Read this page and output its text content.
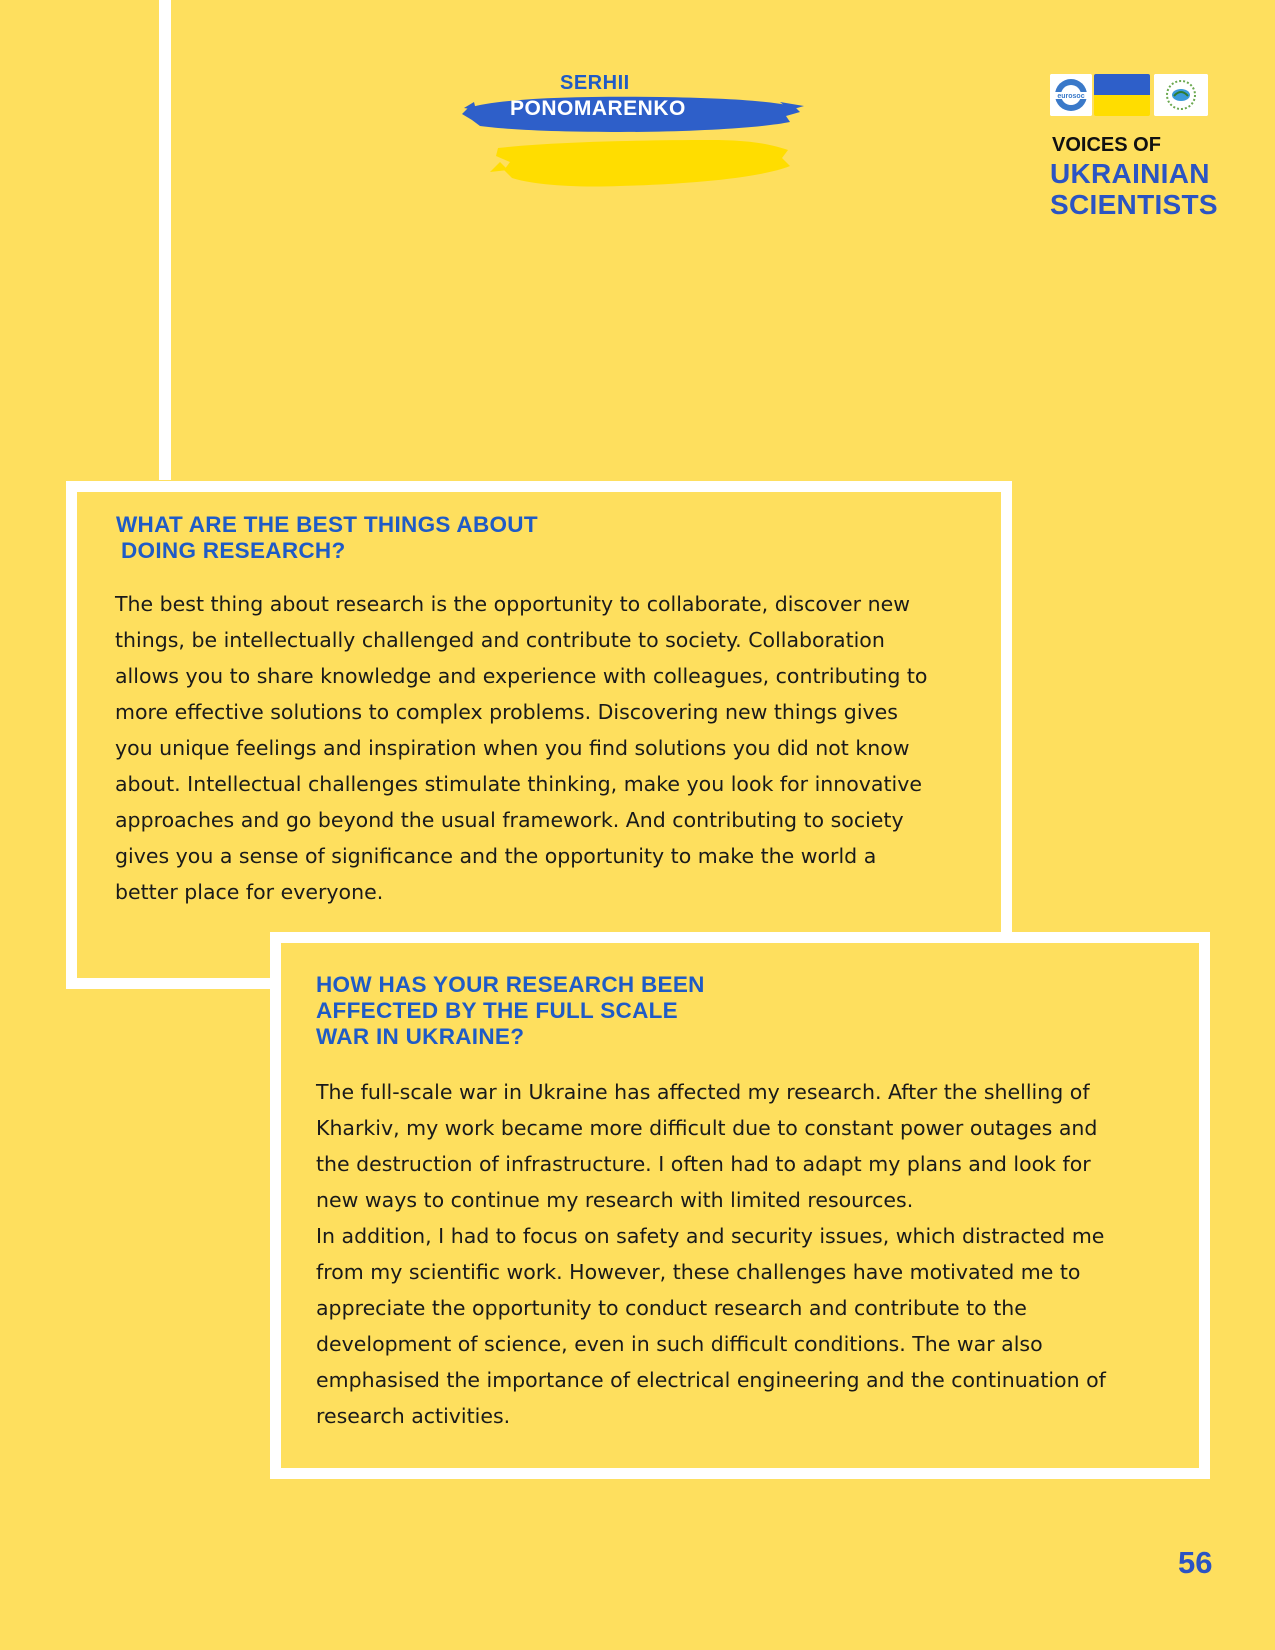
SERHII
PONOMARENKO
eurosoc
VOICES OF
UKRAINIAN
SCIENTISTS
WHAT ARE THE BEST THINGS ABOUT
DOING RESEARCH?
The best thing about research is the opportunity to collaborate, discover new
things, be intellectually challenged and contribute to society. Collaboration
allows you to share knowledge and experience with colleagues, contributing to
more effective solutions to complex problems. Discovering new things gives
you unique feelings and inspiration when you find solutions you did not know
about. Intellectual challenges stimulate thinking, make you look for innovative
approaches and go beyond the usual framework. And contributing to society
gives you a sense of significance and the opportunity to make the world a
better place for everyone.
HOW HAS YOUR RESEARCH BEEN
AFFECTED BY THE FULL SCALE
WAR IN UKRAINE?
The full-scale war in Ukraine has affected my research. After the shelling of
Kharkiv, my work became more difficult due to constant power outages and
the destruction of infrastructure. I often had to adapt my plans and look for
new ways to continue my research with limited resources.
In addition, I had to focus on safety and security issues, which distracted me
from my scientific work. However, these challenges have motivated me to
appreciate the opportunity to conduct research and contribute to the
development of science, even in such difficult conditions. The war also
emphasised the importance of electrical engineering and the continuation of
research activities.
56
